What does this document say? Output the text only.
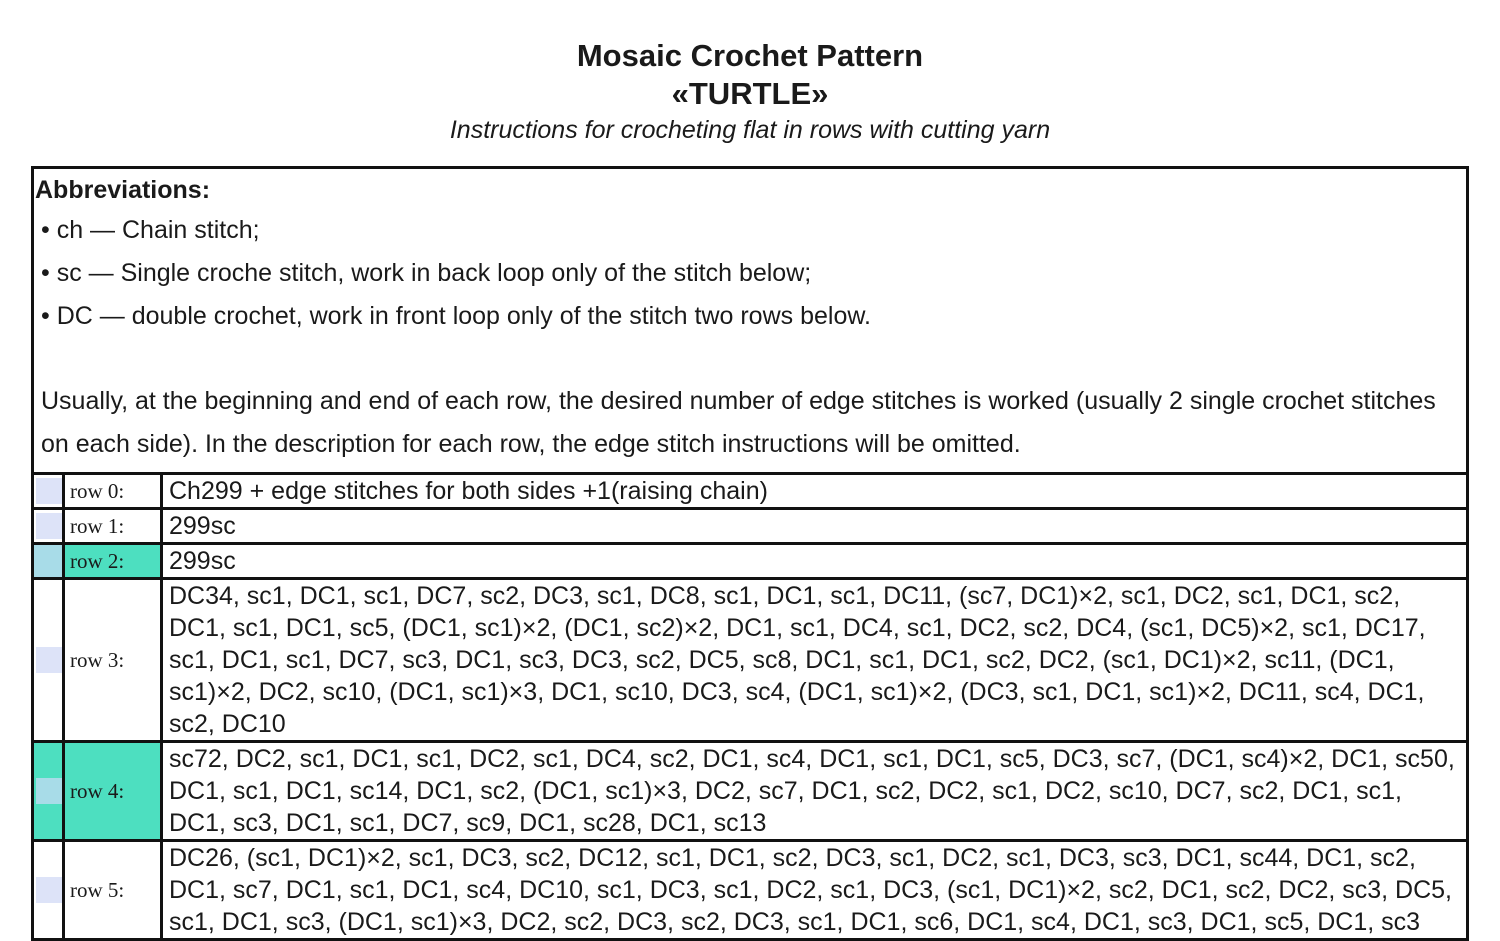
Mosaic Crochet Pattern
«TURTLE»
Instructions for crocheting flat in rows with cutting yarn
Abbreviations:
• ch — Chain stitch;
• sc — Single croche stitch, work in back loop only of the stitch below;
• DC — double crochet, work in front loop only of the stitch two rows below.
Usually, at the beginning and end of each row, the desired number of edge stitches is worked (usually 2 single crochet stitches on each side). In the description for each row, the edge stitch instructions will be omitted.
	row 0:	Ch299 + edge stitches for both sides +1(raising chain)

	row 1:	299sc

	row 2:	299sc

	row 3:	DC34, sc1, DC1, sc1, DC7, sc2, DC3, sc1, DC8, sc1, DC1, sc1, DC11, (sc7, DC1)×2, sc1, DC2, sc1, DC1, sc2, DC1, sc1, DC1, sc5, (DC1, sc1)×2, (DC1, sc2)×2, DC1, sc1, DC4, sc1, DC2, sc2, DC4, (sc1, DC5)×2, sc1, DC17, sc1, DC1, sc1, DC7, sc3, DC1, sc3, DC3, sc2, DC5, sc8, DC1, sc1, DC1, sc2, DC2, (sc1, DC1)×2, sc11, (DC1, sc1)×2, DC2, sc10, (DC1, sc1)×3, DC1, sc10, DC3, sc4, (DC1, sc1)×2, (DC3, sc1, DC1, sc1)×2, DC11, sc4, DC1, sc2, DC10

	row 4:	sc72, DC2, sc1, DC1, sc1, DC2, sc1, DC4, sc2, DC1, sc4, DC1, sc1, DC1, sc5, DC3, sc7, (DC1, sc4)×2, DC1, sc50, DC1, sc1, DC1, sc14, DC1, sc2, (DC1, sc1)×3, DC2, sc7, DC1, sc2, DC2, sc1, DC2, sc10, DC7, sc2, DC1, sc1, DC1, sc3, DC1, sc1, DC7, sc9, DC1, sc28, DC1, sc13

	row 5:	DC26, (sc1, DC1)×2, sc1, DC3, sc2, DC12, sc1, DC1, sc2, DC3, sc1, DC2, sc1, DC3, sc3, DC1, sc44, DC1, sc2, DC1, sc7, DC1, sc1, DC1, sc4, DC10, sc1, DC3, sc1, DC2, sc1, DC3, (sc1, DC1)×2, sc2, DC1, sc2, DC2, sc3, DC5, sc1, DC1, sc3, (DC1, sc1)×3, DC2, sc2, DC3, sc2, DC3, sc1, DC1, sc6, DC1, sc4, DC1, sc3, DC1, sc5, DC1, sc3
